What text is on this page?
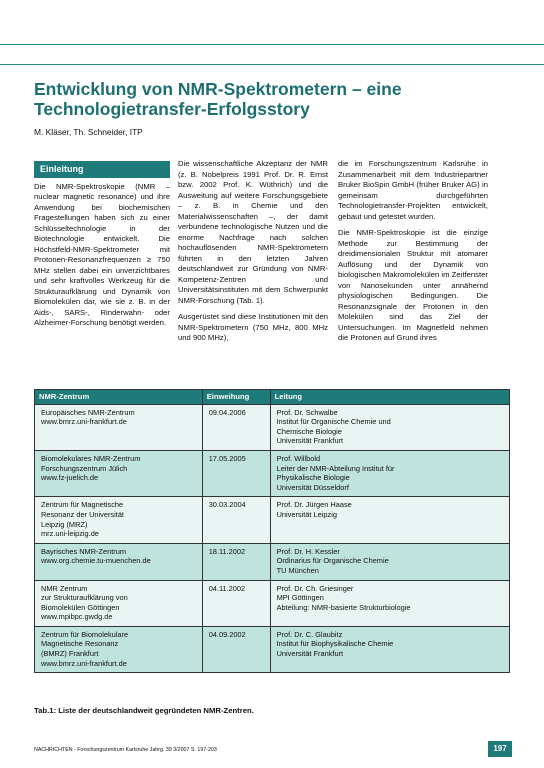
Entwicklung von NMR-Spektrometern – eine Technologietransfer-Erfolgsstory
M. Kläser, Th. Schneider, ITP
Einleitung

Die NMR-Spektroskopie (NMR – nuclear magnetic resonance) und ihre Anwendung bei biochemischen Fragestellungen haben sich zu einer Schlüsseltechnologie in der Biotechnologie entwickelt. Die Höchstfeld-NMR-Spektrometer mit Protonen-Resonanzfrequenzen ≥ 750 MHz stellen dabei ein unverzichtbares und sehr kraftvolles Werkzeug für die Strukturaufklärung und Dynamik von Biomolekülen dar, wie sie z. B. in der Aids-, SARS-, Rinderwahn- oder Alzheimer-Forschung benötigt werden.

Die wissenschaftliche Akzeptanz der NMR (z. B. Nobelpreis 1991 Prof. Dr. R. Ernst bzw. 2002 Prof. K. Wüthrich) und die Ausweitung auf weitere Forschungsgebiete – z. B. in Chemie und den Materialwissenschaften –, der damit verbundene technologische Nutzen und die enorme Nachfrage nach solchen hochauflösenden NMR-Spektrometern führten in den letzten Jahren deutschlandweit zur Gründung von NMR-Kompetenz-Zentren und Universitätsinstituten mit dem Schwerpunkt NMR-Forschung (Tab. 1).

Ausgerüstet sind diese Institutionen mit den NMR-Spektrometern (750 MHz, 800 MHz und 900 MHz),

die im Forschungszentrum Karlsruhe in Zusammenarbeit mit dem Industriepartner Bruker BioSpin GmbH (früher Bruker AG) in gemeinsam durchgeführten Technologietransfer-Projekten entwickelt, gebaut und getestet wurden.

Die NMR-Spektroskopie ist die einzige Methode zur Bestimmung der dreidimensionalen Struktur mit atomarer Auflösung und der Dynamik von biologischen Makromolekülen im Zeitfenster von Nanosekunden unter annähernd physiologischen Bedingungen. Die Resonanzsignale der Protonen in den Molekülen sind das Ziel der Untersuchungen. Im Magnetfeld nehmen die Protonen auf Grund ihres

NMR-Zentrum	Einweihung	Leitung

Europäisches NMR-Zentrum
www.bmrz.uni-frankfurt.de	09.04.2006	Prof. Dr. Schwalbe
Institut für Organische Chemie und
Chemische Biologie
Universität Frankfurt

Biomolekulares NMR-Zentrum
Forschungszentrum Jülich
www.fz-juelich.de	17.05.2005	Prof. Willbold
Leiter der NMR-Abteilung Institut für
Physikalische Biologie
Universität Düsseldorf

Zentrum für Magnetische
Resonanz der Universität
Leipzig (MRZ)
mrz.uni-leipzig.de	30.03.2004	Prof. Dr. Jürgen Haase
Universität Leipzig

Bayrisches NMR-Zentrum
www.org.chemie.tu-muenchen.de	18.11.2002	Prof. Dr. H. Kessler
Ordinarius für Organische Chemie
TU München

NMR Zentrum
zur Strukturaufklärung von
Biomolekülen Göttingen
www.mpibpc.gwdg.de	04.11.2002	Prof. Dr. Ch. Griesinger
MPI Göttingen
Abteilung: NMR-basierte Strukturbiologie

Zentrum für Biomolekulare
Magnetische Resonanz
(BMRZ) Frankfurt
www.bmrz.uni-frankfurt.de	04.09.2002	Prof. Dr. C. Glaubitz
Institut für Biophysikalische Chemie
Universität Frankfurt
Tab.1: Liste der deutschlandweit gegründeten NMR-Zentren.
NACHRICHTEN - Forschungszentrum Karlsruhe Jahrg. 39 3/2007 S. 197-203	197
